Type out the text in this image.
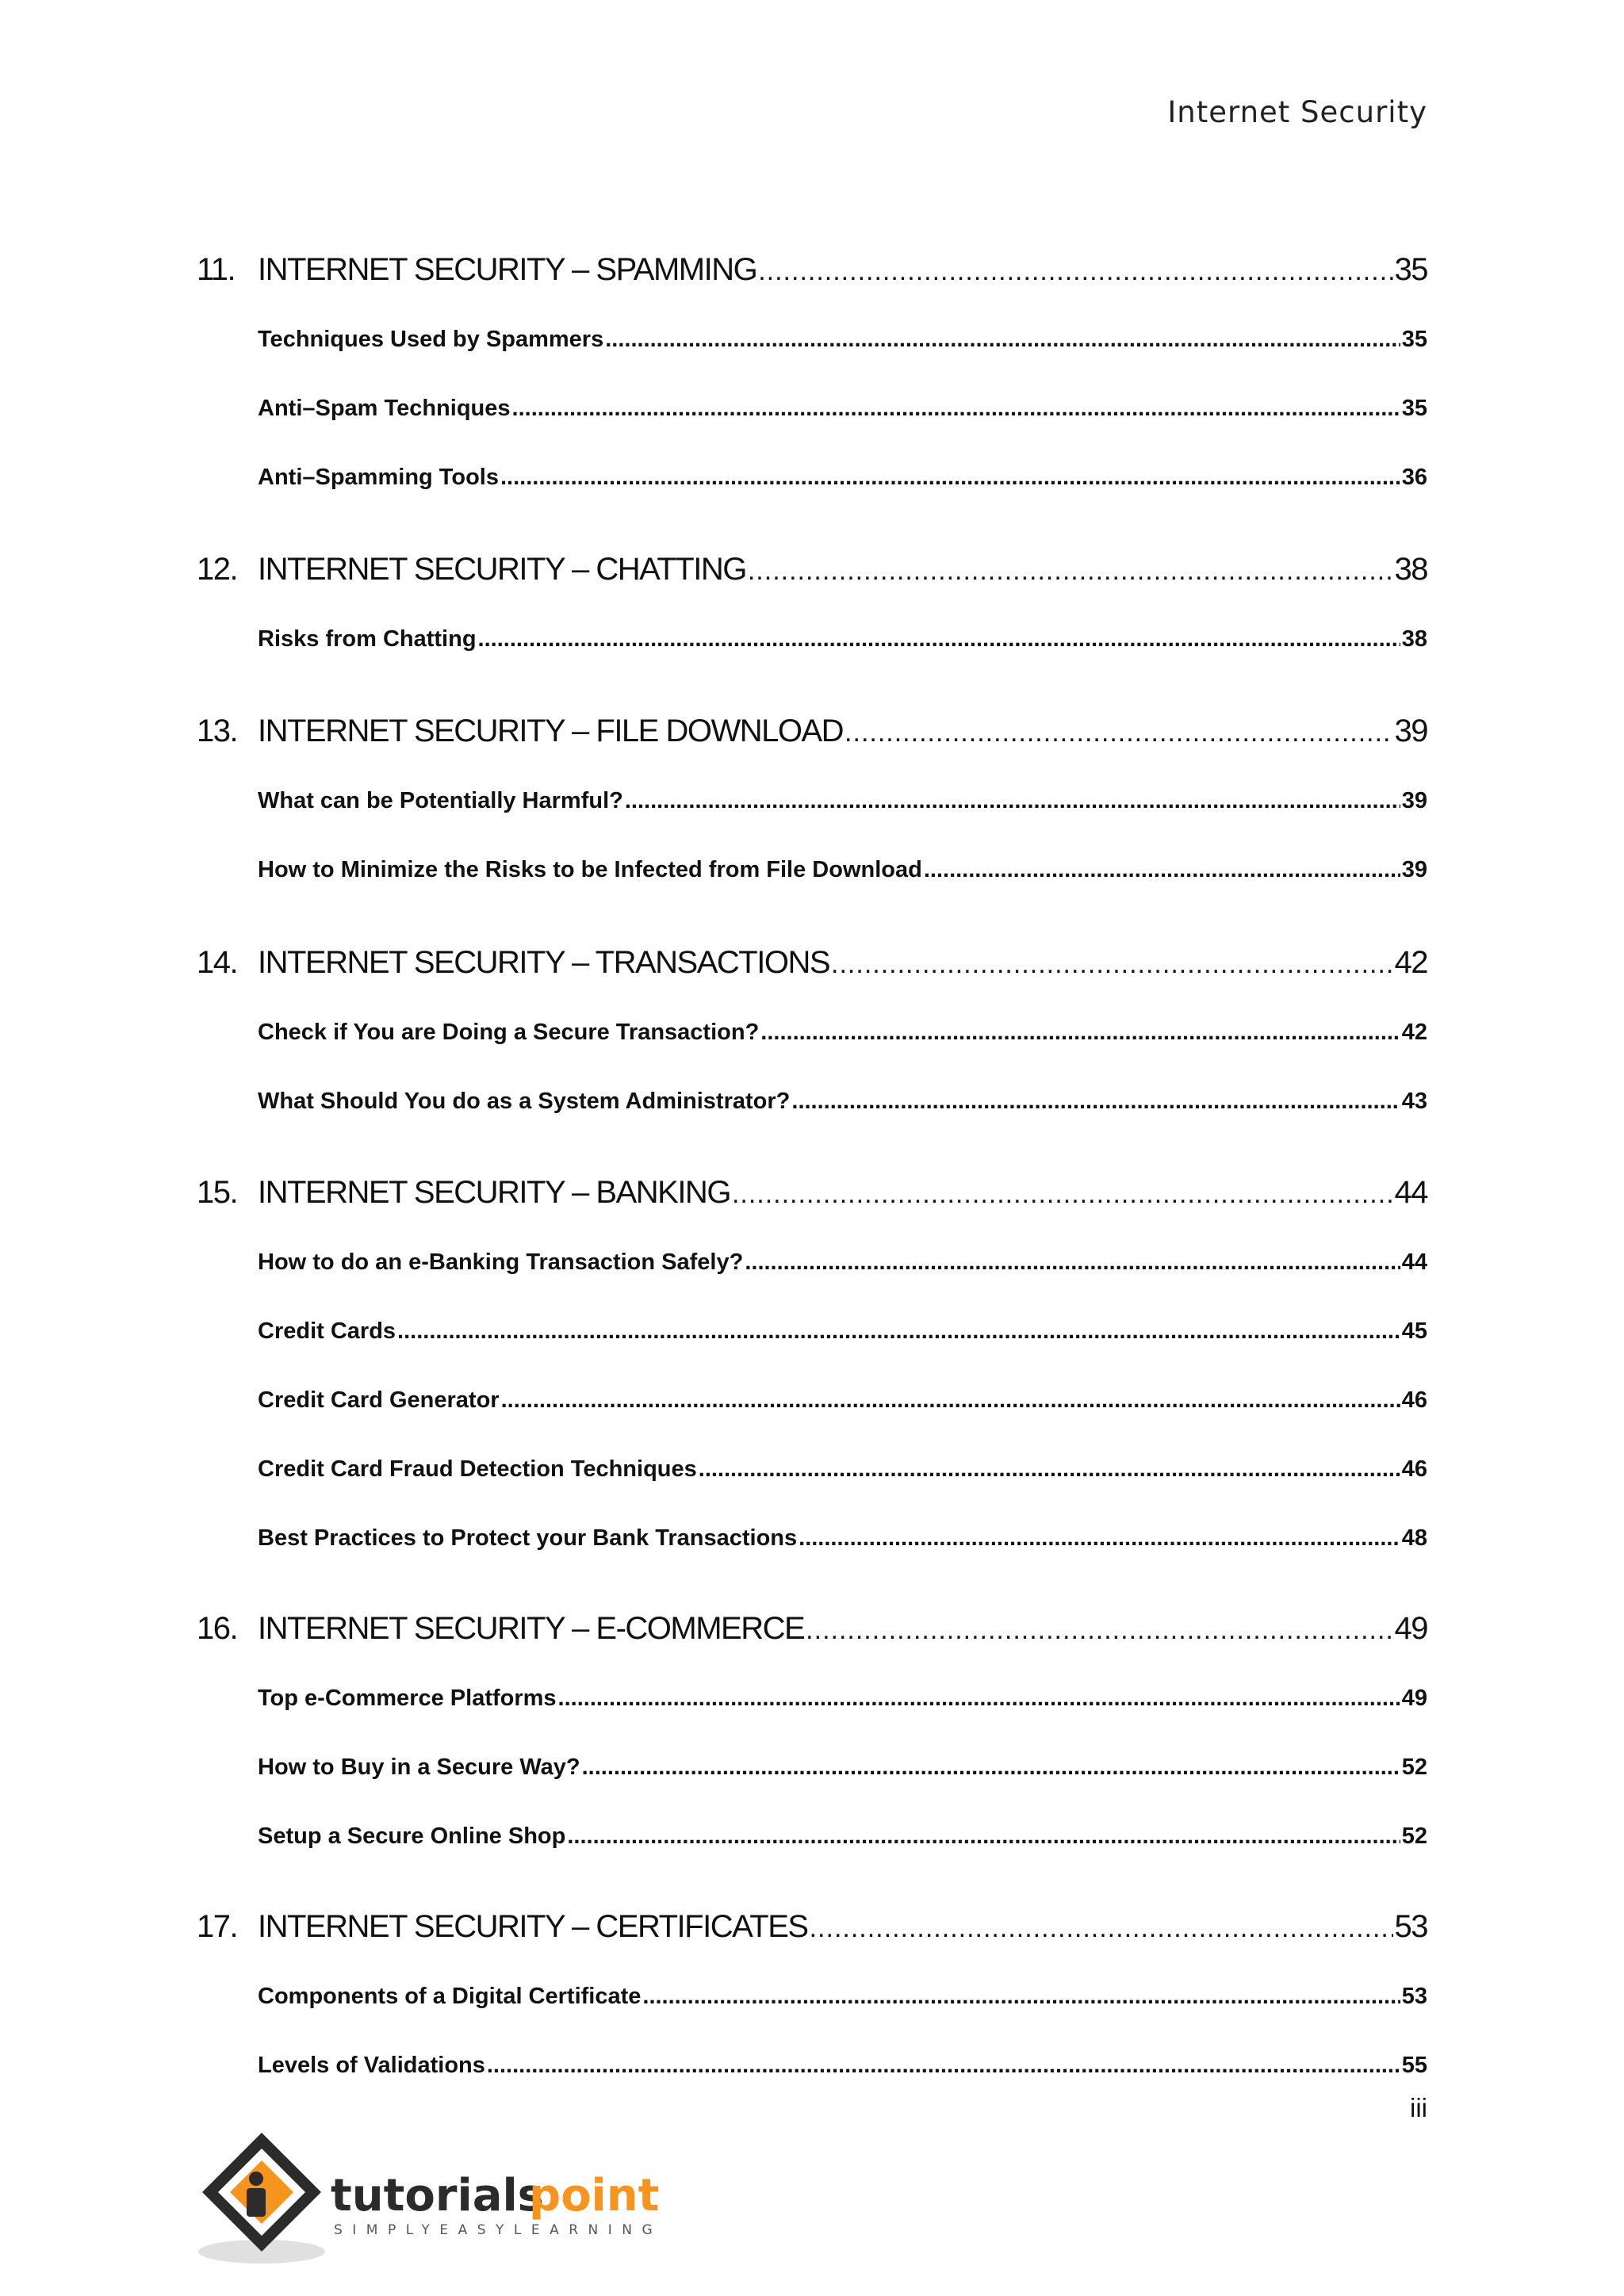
Internet Security
11. INTERNET SECURITY – SPAMMING .....	35
Techniques Used by Spammers .....	35
Anti–Spam Techniques .....	35
Anti–Spamming Tools .....	36
12. INTERNET SECURITY – CHATTING .....	38
Risks from Chatting .....	38
13. INTERNET SECURITY – FILE DOWNLOAD .....	39
What can be Potentially Harmful? .....	39
How to Minimize the Risks to be Infected from File Download .....	39
14. INTERNET SECURITY – TRANSACTIONS .....	42
Check if You are Doing a Secure Transaction? .....	42
What Should You do as a System Administrator? .....	43
15. INTERNET SECURITY – BANKING .....	44
How to do an e-Banking Transaction Safely? .....	44
Credit Cards .....	45
Credit Card Generator .....	46
Credit Card Fraud Detection Techniques .....	46
Best Practices to Protect your Bank Transactions .....	48
16. INTERNET SECURITY – E-COMMERCE .....	49
Top e-Commerce Platforms .....	49
How to Buy in a Secure Way? .....	52
Setup a Secure Online Shop .....	52
17. INTERNET SECURITY – CERTIFICATES .....	53
Components of a Digital Certificate .....	53
Levels of Validations .....	55
iii
tutorials
point
SIMPLYEASYLEARNING
